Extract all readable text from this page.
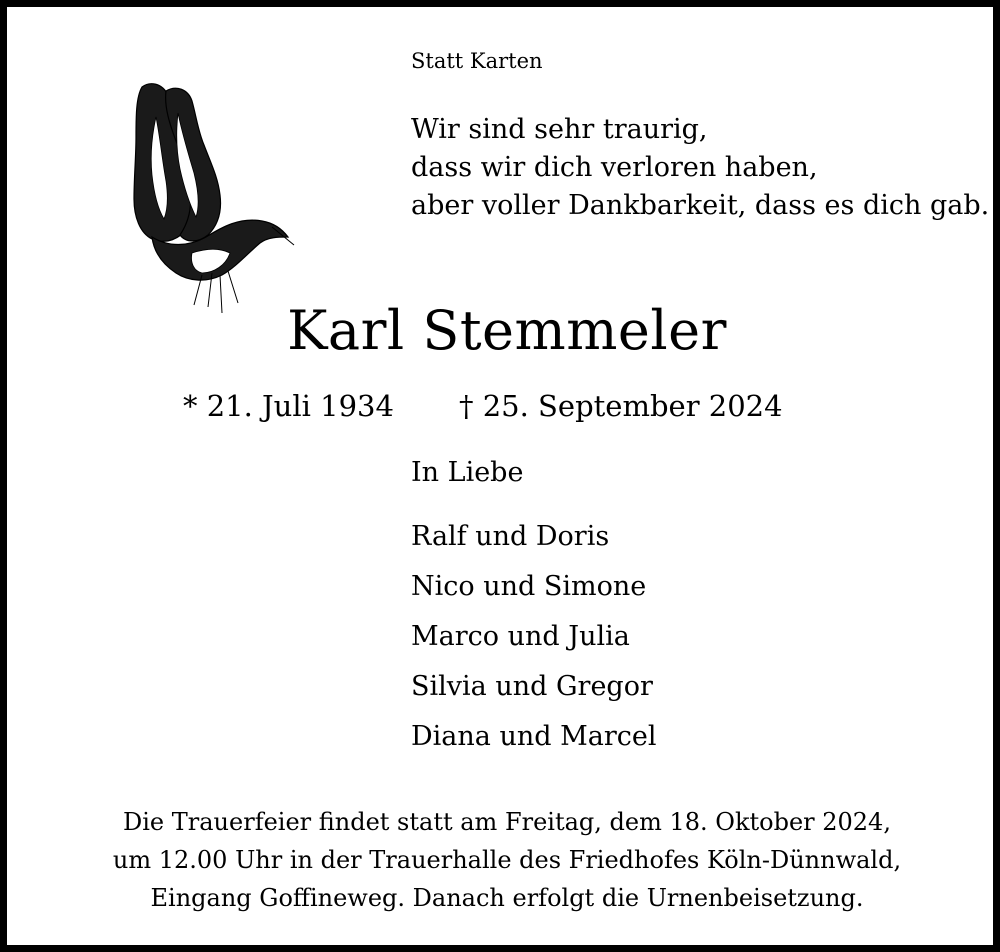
Statt Karten
Wir sind sehr traurig,
dass wir dich verloren haben,
aber voller Dankbarkeit, dass es dich gab.
Karl Stemmeler
* 21. Juli 1934 † 25. September 2024
In Liebe
Ralf und Doris
Nico und Simone
Marco und Julia
Silvia und Gregor
Diana und Marcel
Die Trauerfeier findet statt am Freitag, dem 18. Oktober 2024,
um 12.00 Uhr in der Trauerhalle des Friedhofes Köln-Dünnwald,
Eingang Goffineweg. Danach erfolgt die Urnenbeisetzung.
